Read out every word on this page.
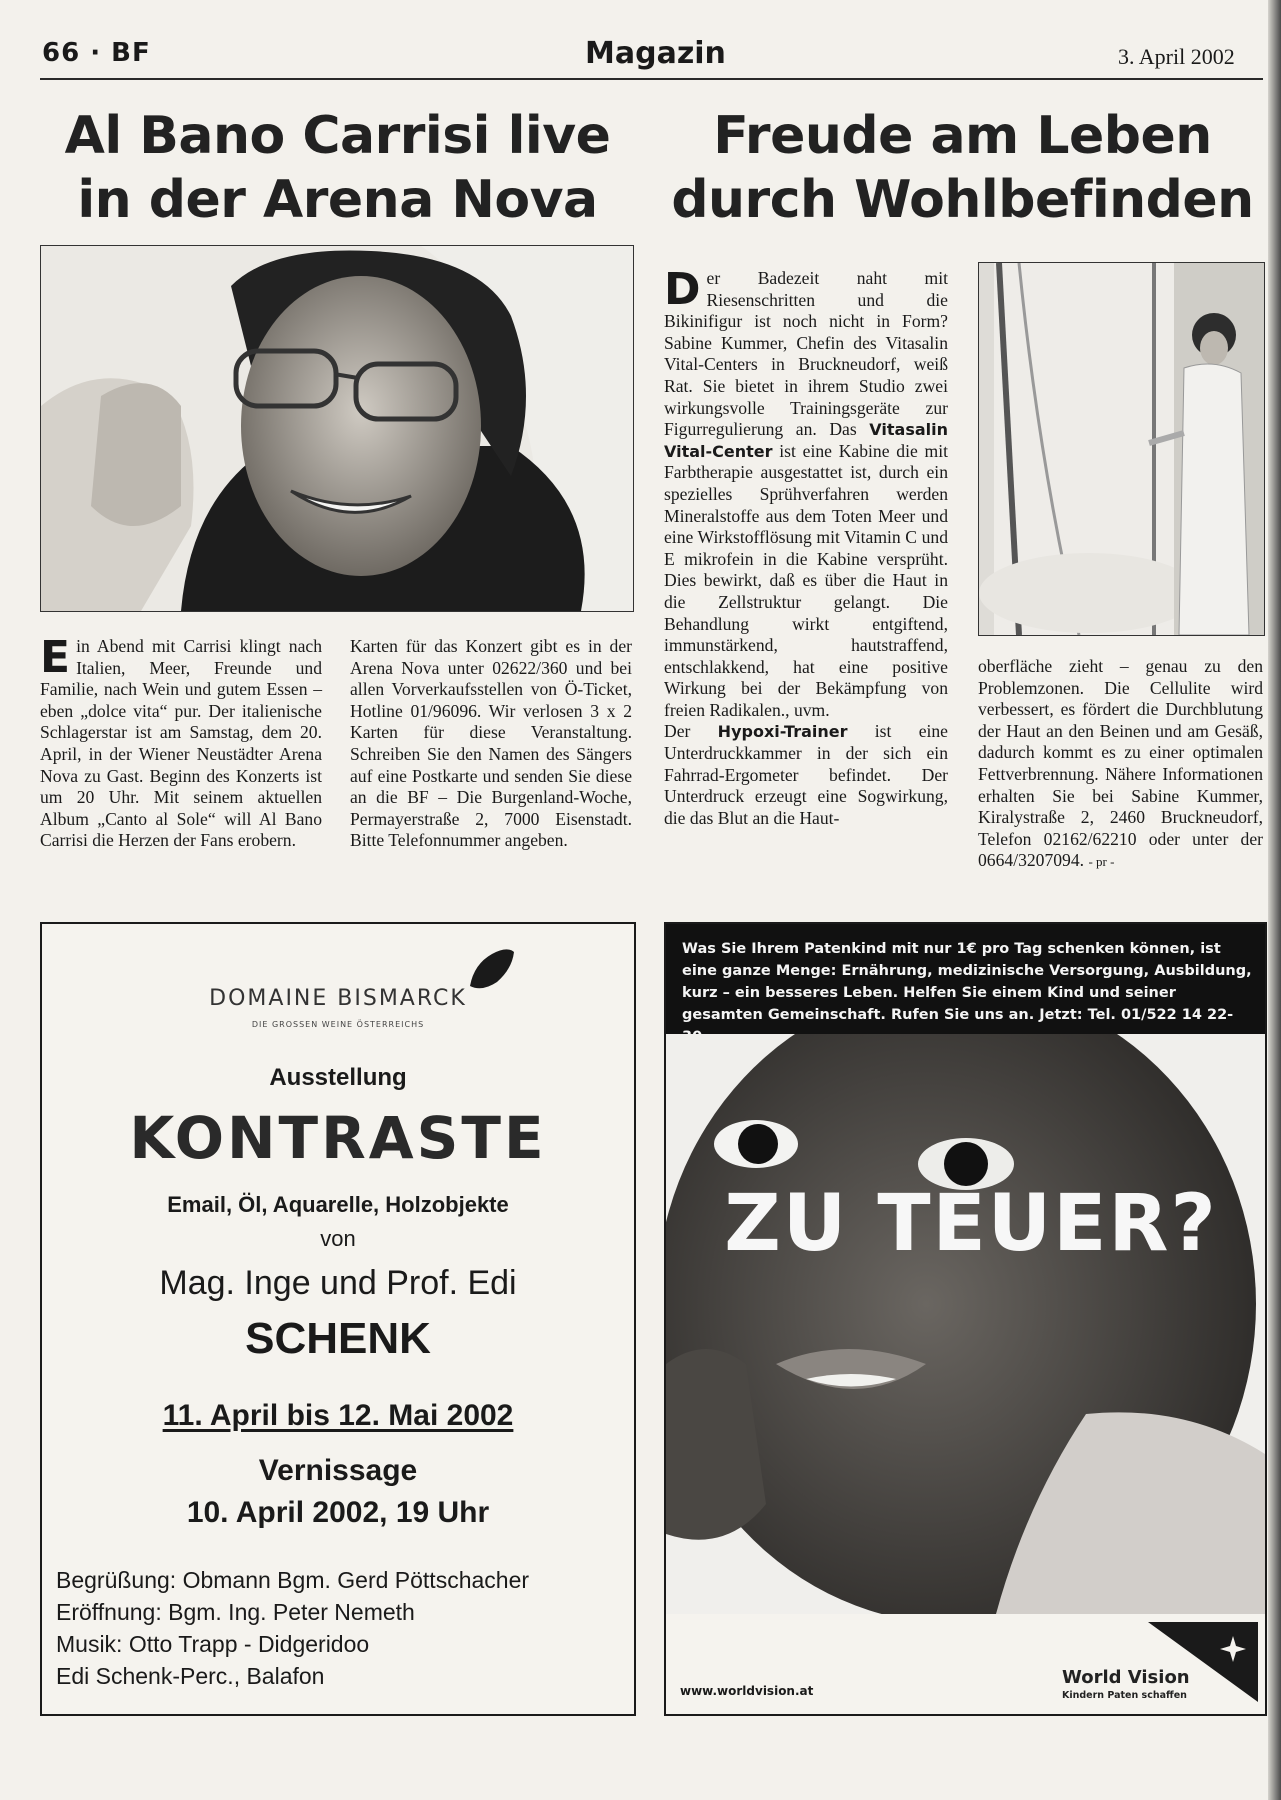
66 · BF	Magazin	3. April 2002
Al Bano Carrisi live
in der Arena Nova
Freude am Leben
durch Wohlbefinden

Ein Abend mit Carrisi klingt nach Italien, Meer, Freunde und Familie, nach Wein und gutem Essen – eben „dolce vita“ pur. Der italienische Schlagerstar ist am Samstag, dem 20. April, in der Wiener Neustädter Arena Nova zu Gast. Beginn des Konzerts ist um 20 Uhr. Mit seinem aktuellen Album „Canto al Sole“ will Al Bano Carrisi die Herzen der Fans erobern.

Karten für das Konzert gibt es in der Arena Nova unter 02622/360 und bei allen Vorverkaufsstellen von Ö-Ticket, Hotline 01/96096. Wir verlosen 3 x 2 Karten für diese Veranstaltung. Schreiben Sie den Namen des Sängers auf eine Postkarte und senden Sie diese an die BF – Die Burgenland-Woche, Permayerstraße 2, 7000 Eisenstadt. Bitte Telefonnummer angeben.

Der Badezeit naht mit Riesenschritten und die Bikinifigur ist noch nicht in Form? Sabine Kummer, Chefin des Vitasalin Vital-Centers in Bruckneudorf, weiß Rat. Sie bietet in ihrem Studio zwei wirkungsvolle Trainingsgeräte zur Figurregulierung an. Das Vitasalin Vital-Center ist eine Kabine die mit Farbtherapie ausgestattet ist, durch ein spezielles Sprühverfahren werden Mineralstoffe aus dem Toten Meer und eine Wirkstofflösung mit Vitamin C und E mikrofein in die Kabine versprüht. Dies bewirkt, daß es über die Haut in die Zellstruktur gelangt. Die Behandlung wirkt entgiftend, immunstärkend, hautstraffend, entschlakkend, hat eine positive Wirkung bei der Bekämpfung von freien Radikalen., uvm.

Der Hypoxi-Trainer ist eine Unterdruckkammer in der sich ein Fahrrad-Ergometer befindet. Der Unterdruck erzeugt eine Sogwirkung, die das Blut an die Haut-

oberfläche zieht – genau zu den Problemzonen. Die Cellulite wird verbessert, es fördert die Durchblutung der Haut an den Beinen und am Gesäß, dadurch kommt es zu einer optimalen Fettverbrennung. Nähere Informationen erhalten Sie bei Sabine Kummer, Kiralystraße 2, 2460 Bruckneudorf, Telefon 02162/62210 oder unter der 0664/3207094. - pr -

DOMAINE BISMARCK
DIE GROSSEN WEINE ÖSTERREICHS
Ausstellung
KONTRASTE
Email, Öl, Aquarelle, Holzobjekte
von
Mag. Inge und Prof. Edi
SCHENK
11. April bis 12. Mai 2002
Vernissage
10. April 2002, 19 Uhr
Begrüßung: Obmann Bgm. Gerd Pöttschacher
Eröffnung: Bgm. Ing. Peter Nemeth
Musik: Otto Trapp - Didgeridoo
Edi Schenk-Perc., Balafon
Was Sie Ihrem Patenkind mit nur 1€ pro Tag schenken können, ist eine ganze Menge: Ernährung, medizinische Versorgung, Ausbildung, kurz – ein besseres Leben. Helfen Sie einem Kind und seiner gesamten Gemeinschaft. Rufen Sie uns an. Jetzt: Tel. 01/522 14 22-
ZU TEUER?
World Vision
Kindern Paten schaffen
www.worldvision.at
